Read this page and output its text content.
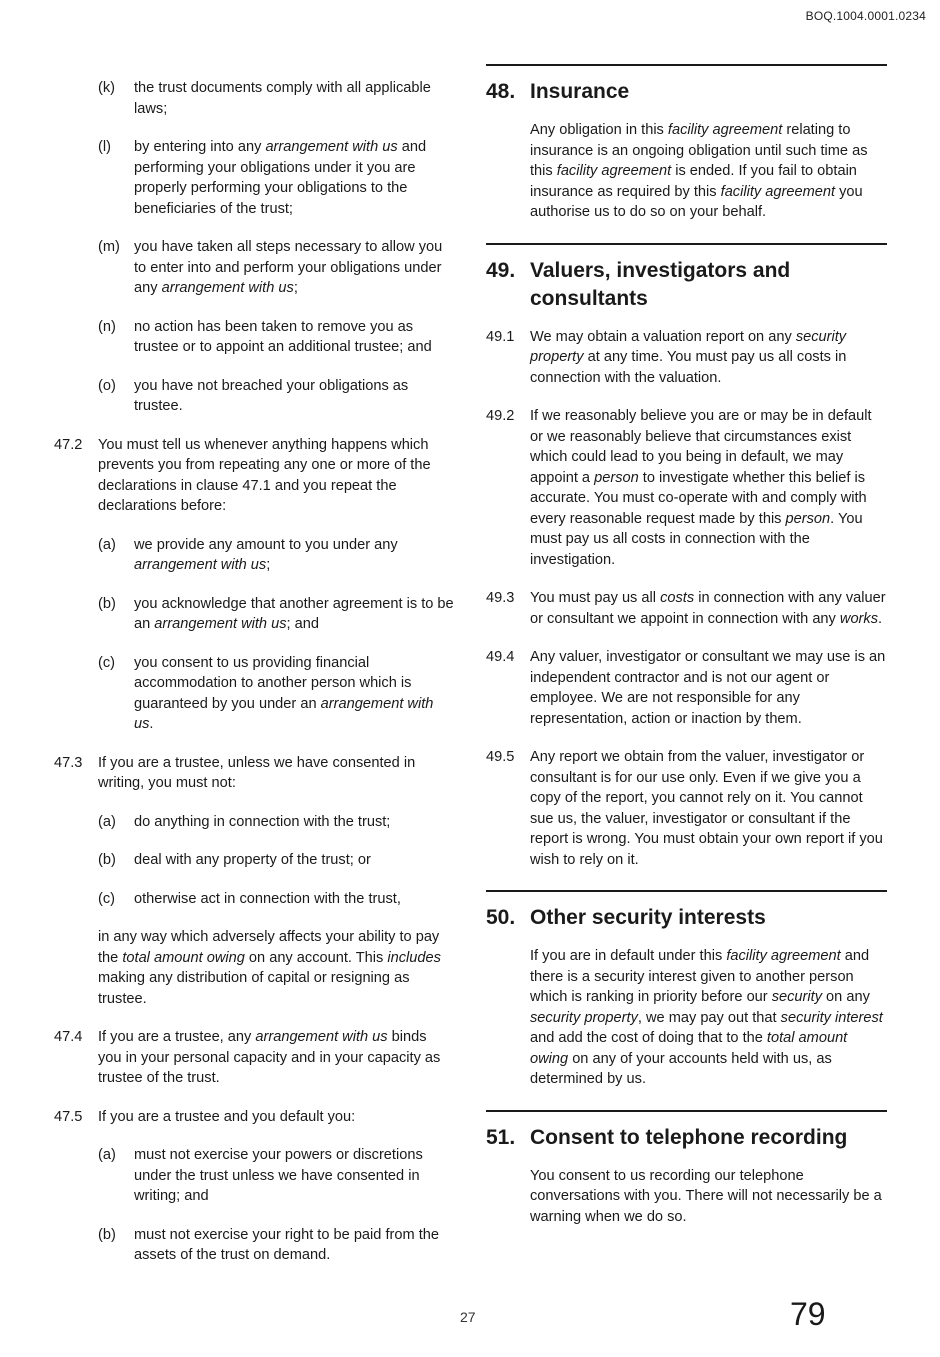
BOQ.1004.0001.0234
(k)	the trust documents comply with all applicable laws;
(l)	by entering into any arrangement with us and performing your obligations under it you are properly performing your obligations to the beneficiaries of the trust;
(m) you have taken all steps necessary to allow you to enter into and perform your obligations under any arrangement with us;
(n)	no action has been taken to remove you as trustee or to appoint an additional trustee; and
(o)	you have not breached your obligations as trustee.
47.2	You must tell us whenever anything happens which prevents you from repeating any one or more of the declarations in clause 47.1 and you repeat the declarations before:
(a)	we provide any amount to you under any arrangement with us;
(b)	you acknowledge that another agreement is to be an arrangement with us; and
(c)	you consent to us providing financial accommodation to another person which is guaranteed by you under an arrangement with us.
47.3	If you are a trustee, unless we have consented in writing, you must not:
(a)	do anything in connection with the trust;
(b)	deal with any property of the trust; or
(c)	otherwise act in connection with the trust,
in any way which adversely affects your ability to pay the total amount owing on any account. This includes making any distribution of capital or resigning as trustee.
47.4	If you are a trustee, any arrangement with us binds you in your personal capacity and in your capacity as trustee of the trust.
47.5	If you are a trustee and you default you:
(a)	must not exercise your powers or discretions under the trust unless we have consented in writing; and
(b)	must not exercise your right to be paid from the assets of the trust on demand.
48. Insurance
Any obligation in this facility agreement relating to insurance is an ongoing obligation until such time as this facility agreement is ended. If you fail to obtain insurance as required by this facility agreement you authorise us to do so on your behalf.
49. Valuers, investigators and consultants
49.1	We may obtain a valuation report on any security property at any time. You must pay us all costs in connection with the valuation.
49.2	If we reasonably believe you are or may be in default or we reasonably believe that circumstances exist which could lead to you being in default, we may appoint a person to investigate whether this belief is accurate. You must co-operate with and comply with every reasonable request made by this person. You must pay us all costs in connection with the investigation.
49.3	You must pay us all costs in connection with any valuer or consultant we appoint in connection with any works.
49.4	Any valuer, investigator or consultant we may use is an independent contractor and is not our agent or employee. We are not responsible for any representation, action or inaction by them.
49.5	Any report we obtain from the valuer, investigator or consultant is for our use only. Even if we give you a copy of the report, you cannot rely on it. You cannot sue us, the valuer, investigator or consultant if the report is wrong. You must obtain your own report if you wish to rely on it.
50. Other security interests
If you are in default under this facility agreement and there is a security interest given to another person which is ranking in priority before our security on any security property, we may pay out that security interest and add the cost of doing that to the total amount owing on any of your accounts held with us, as determined by us.
51. Consent to telephone recording
You consent to us recording our telephone conversations with you. There will not necessarily be a warning when we do so.
27	79
